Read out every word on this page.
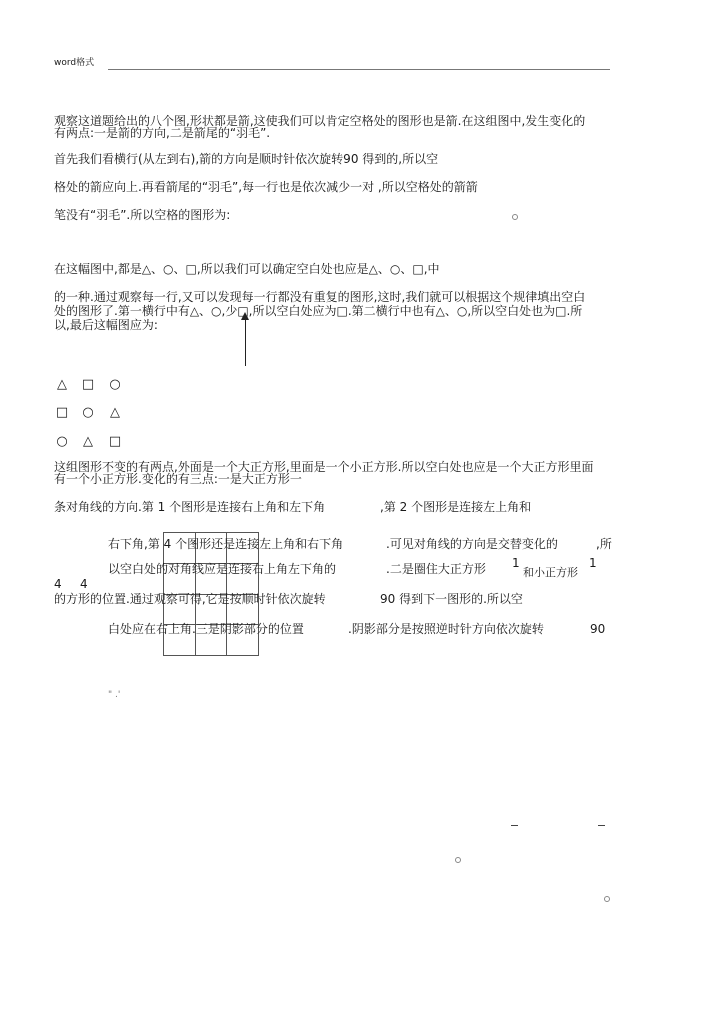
word格式
观察这道题给出的八个图,形状都是箭,这使我们可以肯定空格处的图形也是箭.在这组图中,发生变化的
有两点:一是箭的方向,二是箭尾的“羽毛”.
首先我们看横行(从左到右),箭的方向是顺时针依次旋转90 得到的,所以空
格处的箭应向上.再看箭尾的“羽毛”,每一行也是依次减少一对 ,所以空格处的箭箭
笔没有“羽毛”.所以空格的图形为:
在这幅图中,都是△、○、□,所以我们可以确定空白处也应是△、○、□,中
的一种.通过观察每一行,又可以发现每一行都没有重复的图形,这时,我们就可以根据这个规律填出空白
处的图形了.第一横行中有△、○,少□,所以空白处应为□.第二横行中也有△、○,所以空白处也为□.所
以,最后这幅图应为:
△ □ ○
□ ○ △
○ △ □
这组图形不变的有两点,外面是一个大正方形,里面是一个小正方形.所以空白处也应是一个大正方形里面
有一个小正方形.变化的有三点:一是大正方形一
条对角线的方向.第 1 个图形是连接右上角和左下角	,第 2 个图形是连接左上角和

右下角,第 4 个图形还是连接左上角和右下角	.可见对角线的方向是交替变化的	,所
以空白处的对角线应是连接右上角左下角的	.二是圈住大正方形 1
和小正方形
1
4 4
的方形的位置.通过观察可得,它是按顺时针依次旋转	90 得到下一图形的.所以空
白处应在右上角.三是阴影部分的位置	.阴影部分是按照逆时针方向依次旋转	90
" .'
